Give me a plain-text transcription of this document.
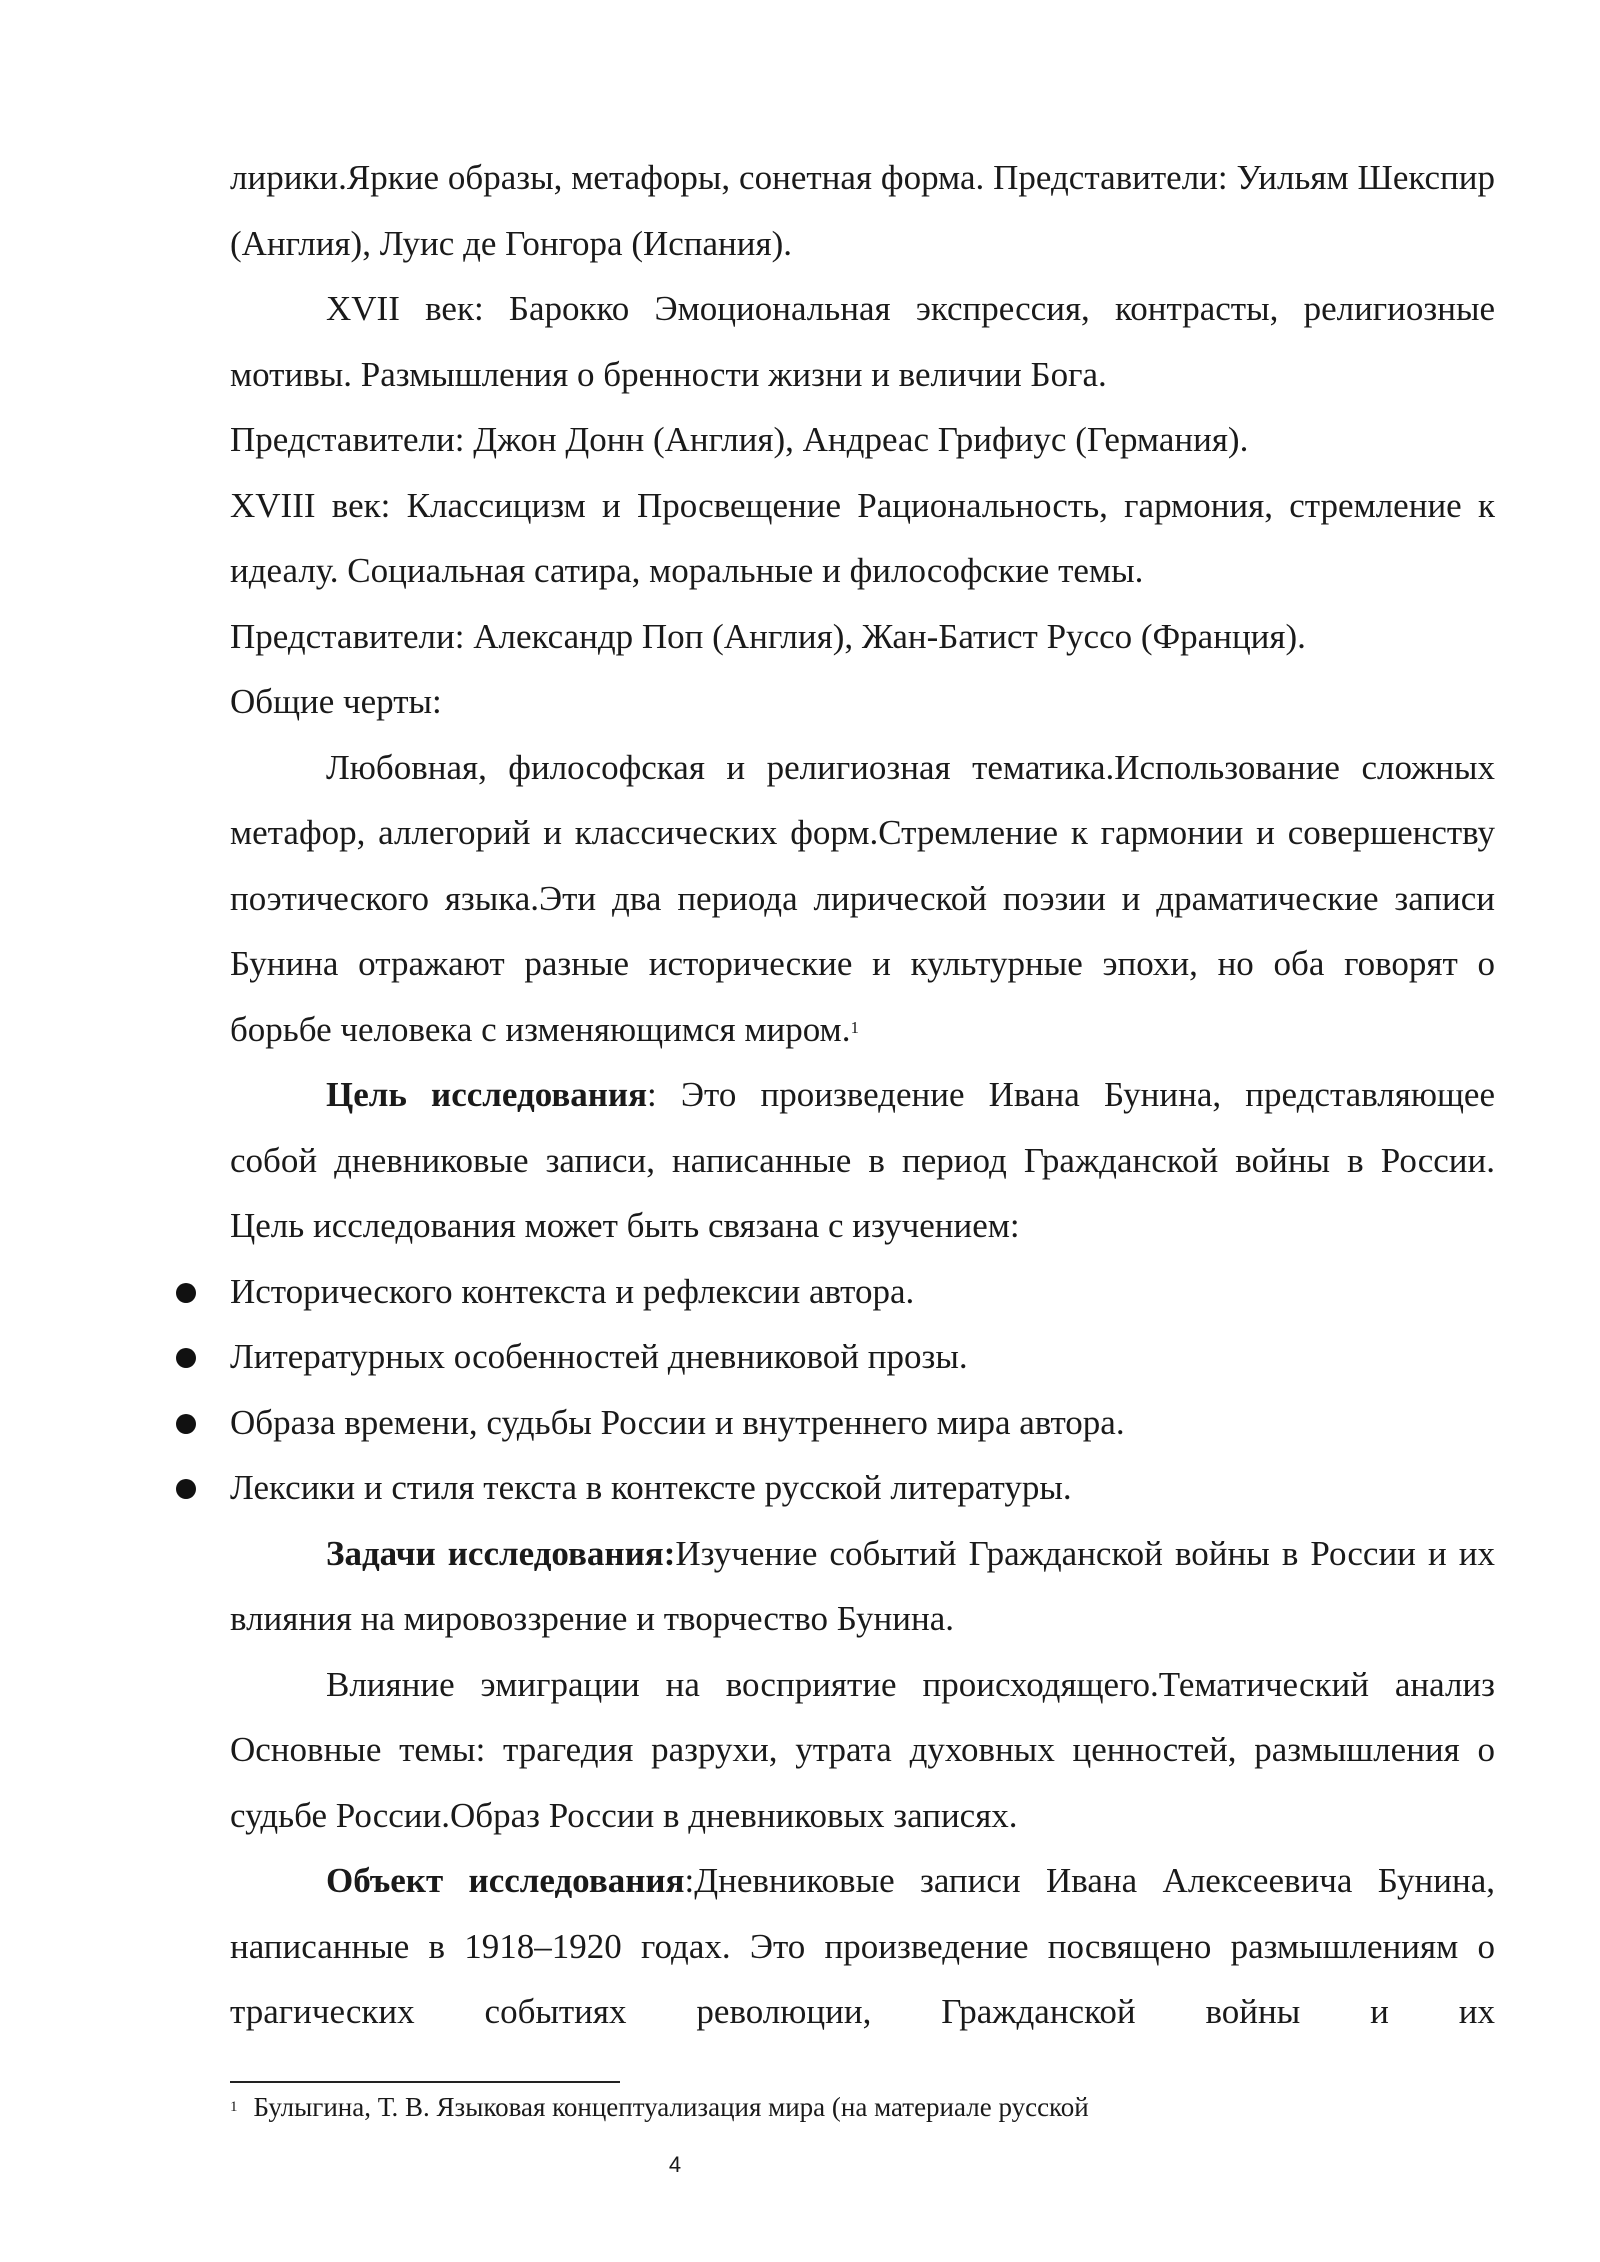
лирики.Яркие образы, метафоры, сонетная форма. Представители: Уильям Шекспир (Англия), Луис де Гонгора (Испания).

XVII век: Барокко Эмоциональная экспрессия, контрасты, религиозные мотивы. Размышления о бренности жизни и величии Бога.

Представители: Джон Донн (Англия), Андреас Грифиус (Германия).

XVIII век: Классицизм и Просвещение Рациональность, гармония, стремление к идеалу. Социальная сатира, моральные и философские темы.

Представители: Александр Поп (Англия), Жан-Батист Руссо (Франция).

Общие черты:

Любовная, философская и религиозная тематика.Использование сложных метафор, аллегорий и классических форм.Стремление к гармонии и совершенству поэтического языка.Эти два периода лирической поэзии и драматические записи Бунина отражают разные исторические и культурные эпохи, но оба говорят о борьбе человека с изменяющимся миром.$^1$

Цель исследования: Это произведение Ивана Бунина, представляющее собой дневниковые записи, написанные в период Гражданской войны в России. Цель исследования может быть связана с изучением:

Исторического контекста и рефлексии автора.
Литературных особенностей дневниковой прозы.
Образа времени, судьбы России и внутреннего мира автора.
Лексики и стиля текста в контексте русской литературы.

Задачи исследования:Изучение событий Гражданской войны в России и их влияния на мировоззрение и творчество Бунина.

Влияние эмиграции на восприятие происходящего.Тематический анализ Основные темы: трагедия разрухи, утрата духовных ценностей, размышления о судьбе России.Образ России в дневниковых записях.

Объект исследования:Дневниковые записи Ивана Алексеевича Бунина, написанные в 1918–1920 годах. Это произведение посвящено размышлениям о трагических событиях революции, Гражданской войны и их

$^1$ Булыгина, Т. В. Языковая концептуализация мира (на материале русской
4
